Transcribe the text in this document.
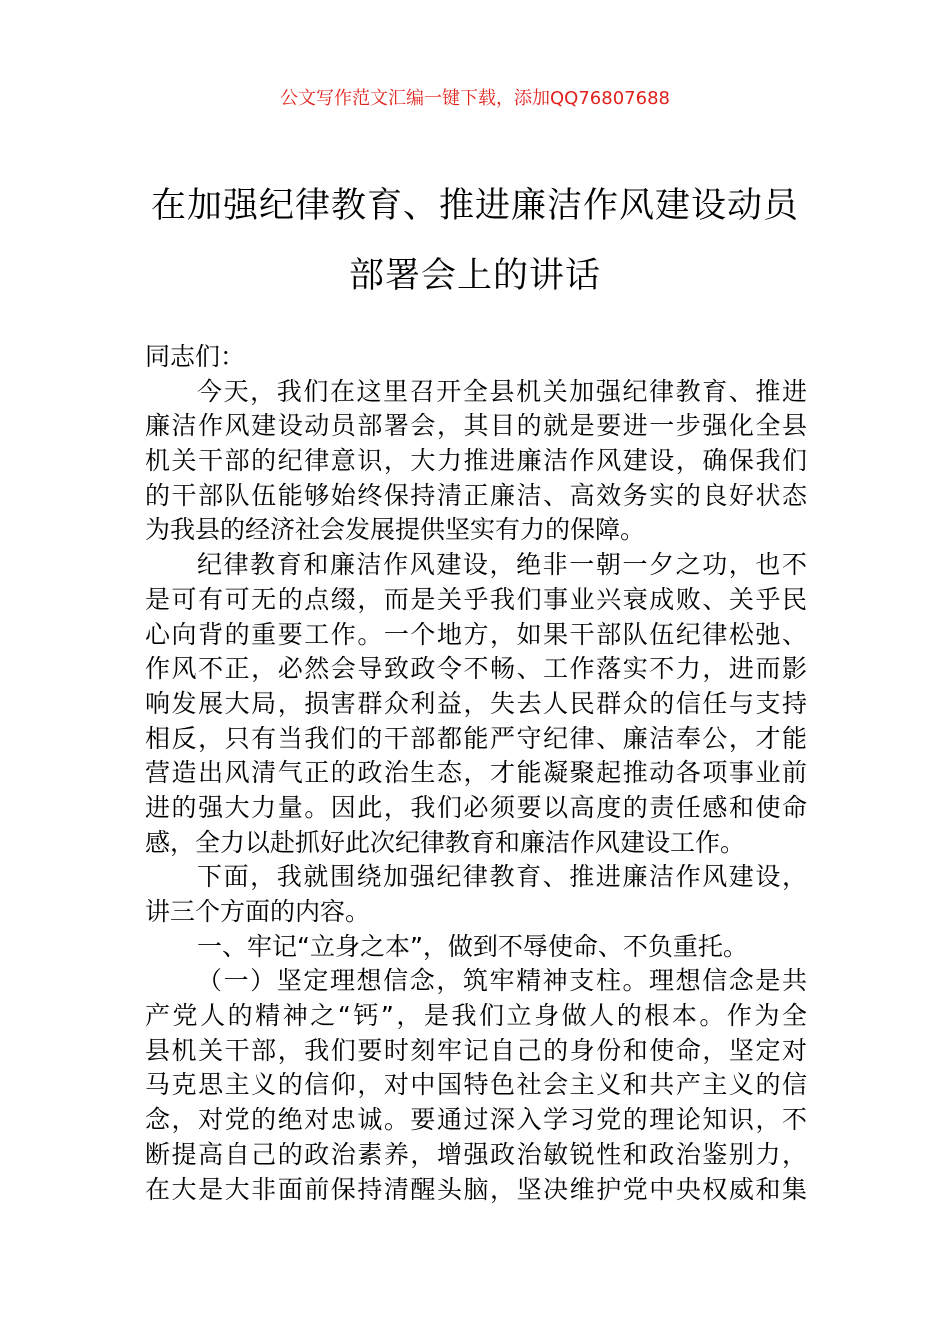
公文写作范文汇编一键下载，添加QQ76807688
在加强纪律教育、推进廉洁作风建设动员
部署会上的讲话
同志们：
今天，我们在这里召开全县机关加强纪律教育、推进
廉洁作风建设动员部署会，其目的就是要进一步强化全县
机关干部的纪律意识，大力推进廉洁作风建设，确保我们
的干部队伍能够始终保持清正廉洁、高效务实的良好状态
为我县的经济社会发展提供坚实有力的保障。
纪律教育和廉洁作风建设，绝非一朝一夕之功，也不
是可有可无的点缀，而是关乎我们事业兴衰成败、关乎民
心向背的重要工作。一个地方，如果干部队伍纪律松弛、
作风不正，必然会导致政令不畅、工作落实不力，进而影
响发展大局，损害群众利益，失去人民群众的信任与支持
相反，只有当我们的干部都能严守纪律、廉洁奉公，才能
营造出风清气正的政治生态，才能凝聚起推动各项事业前
进的强大力量。因此，我们必须要以高度的责任感和使命
感，全力以赴抓好此次纪律教育和廉洁作风建设工作。
下面，我就围绕加强纪律教育、推进廉洁作风建设，
讲三个方面的内容。
一、牢记“立身之本”，做到不辱使命、不负重托。
（一）坚定理想信念，筑牢精神支柱。理想信念是共
产党人的精神之“钙”，是我们立身做人的根本。作为全
县机关干部，我们要时刻牢记自己的身份和使命，坚定对
马克思主义的信仰，对中国特色社会主义和共产主义的信
念，对党的绝对忠诚。要通过深入学习党的理论知识，不
断提高自己的政治素养，增强政治敏锐性和政治鉴别力，
在大是大非面前保持清醒头脑，坚决维护党中央权威和集
